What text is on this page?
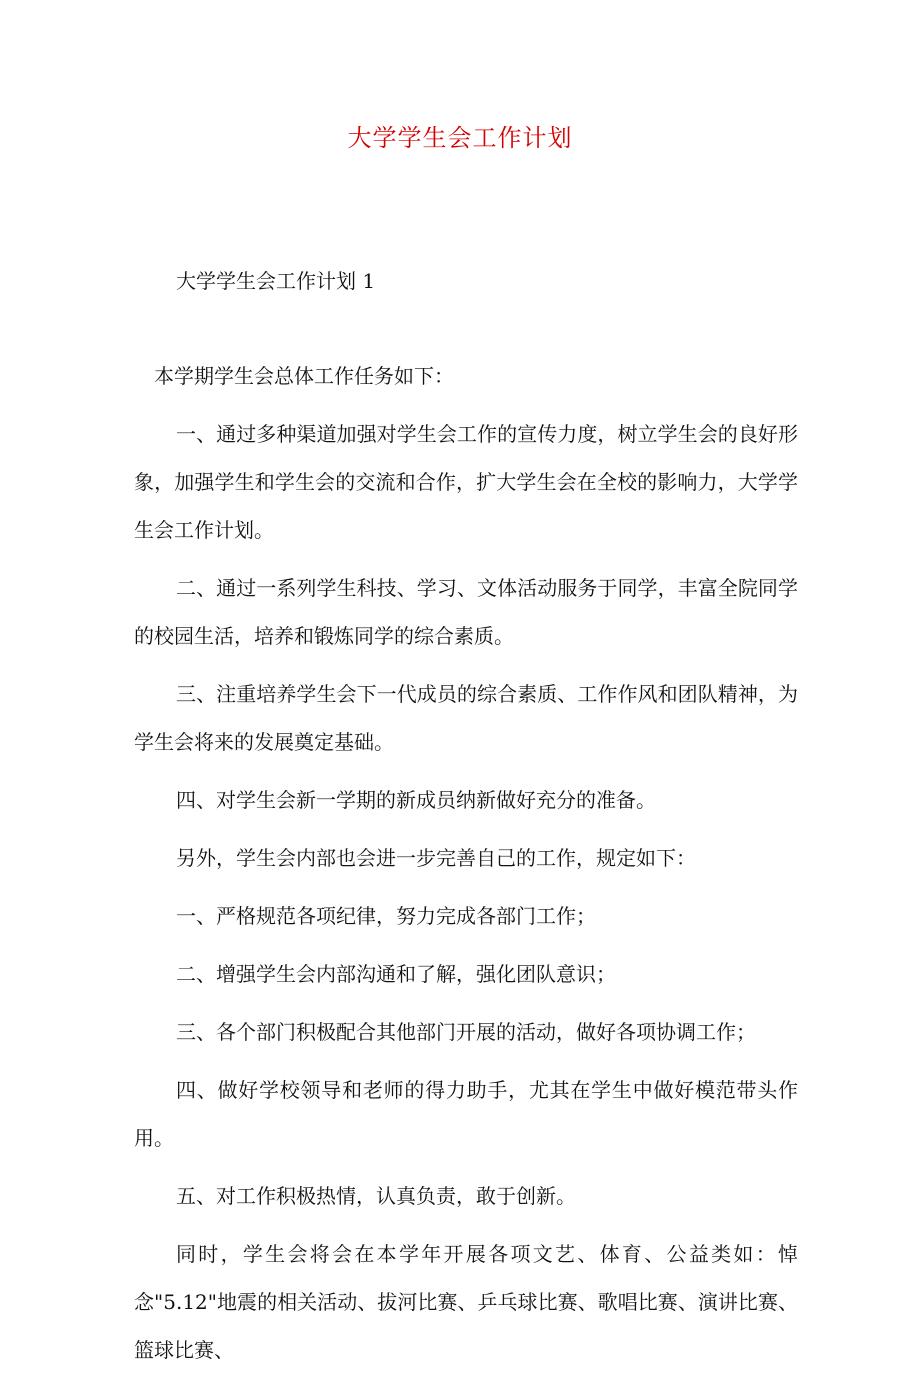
大学学生会工作计划
大学学生会工作计划 1

本学期学生会总体工作任务如下：

一、通过多种渠道加强对学生会工作的宣传力度，树立学生会的良好形象，加强学生和学生会的交流和合作，扩大学生会在全校的影响力，大学学生会工作计划。

二、通过一系列学生科技、学习、文体活动服务于同学，丰富全院同学的校园生活，培养和锻炼同学的综合素质。

三、注重培养学生会下一代成员的综合素质、工作作风和团队精神，为学生会将来的发展奠定基础。

四、对学生会新一学期的新成员纳新做好充分的准备。

另外，学生会内部也会进一步完善自己的工作，规定如下：

一、严格规范各项纪律，努力完成各部门工作；

二、增强学生会内部沟通和了解，强化团队意识；

三、各个部门积极配合其他部门开展的活动，做好各项协调工作；

四、做好学校领导和老师的得力助手，尤其在学生中做好模范带头作用。

五、对工作积极热情，认真负责，敢于创新。

同时，学生会将会在本学年开展各项文艺、体育、公益类如：悼念"5.12"地震的相关活动、拔河比赛、乒乓球比赛、歌唱比赛、演讲比赛、篮球比赛、
